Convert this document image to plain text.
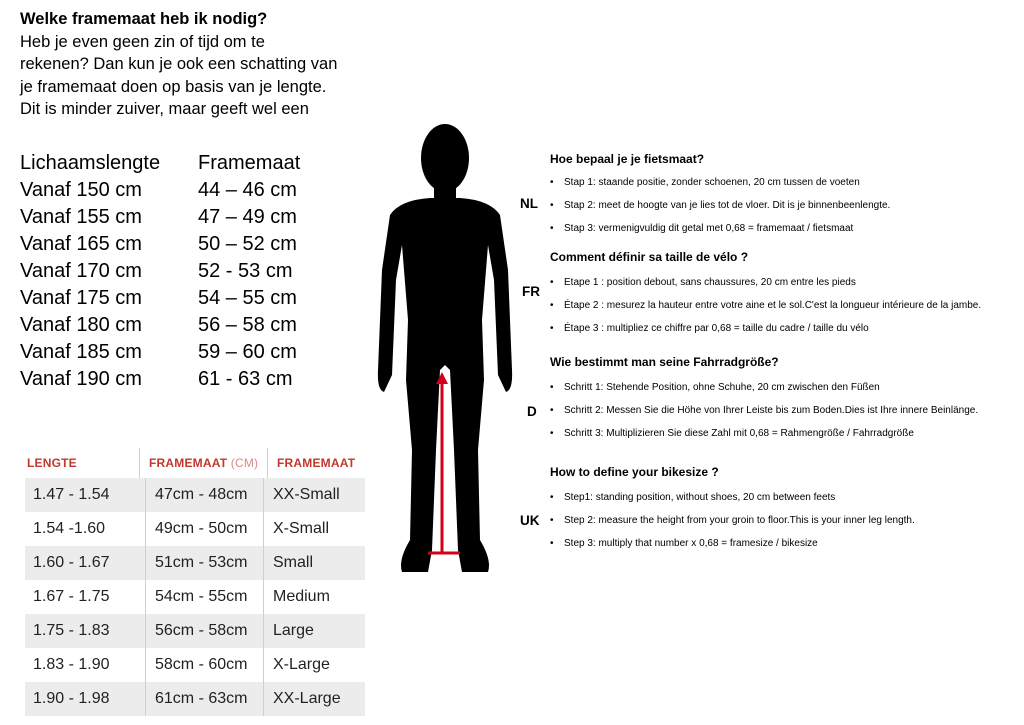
Welke framemaat heb ik nodig?
Heb je even geen zin of tijd om te
rekenen? Dan kun je ook een schatting van
je framemaat doen op basis van je lengte.
Dit is minder zuiver, maar geeft wel een
Lichaamslengte	Framemaat
Vanaf 150 cm	44 – 46 cm
Vanaf 155 cm	47 – 49 cm
Vanaf 165 cm	50 – 52 cm
Vanaf 170 cm	52 - 53 cm
Vanaf 175 cm	54 – 55 cm
Vanaf 180 cm	56 – 58 cm
Vanaf 185 cm	59 – 60 cm
Vanaf 190 cm	61 - 63 cm
LENGTE	FRAMEMAAT (CM)	FRAMEMAAT
1.47 - 1.54	47cm - 48cm	XX-Small
1.54 -1.60	49cm - 50cm	X-Small
1.60 - 1.67	51cm - 53cm	Small
1.67 - 1.75	54cm - 55cm	Medium
1.75 - 1.83	56cm - 58cm	Large
1.83 - 1.90	58cm - 60cm	X-Large
1.90 - 1.98	61cm - 63cm	XX-Large
Hoe bepaal je je fietsmaat?
NL
•	Stap 1: staande positie, zonder schoenen, 20 cm tussen de voeten
•	Stap 2: meet de hoogte van je lies tot de vloer. Dit is je binnenbeenlengte.
•	Stap 3: vermenigvuldig dit getal met 0,68 = framemaat / fietsmaat
Comment définir sa taille de vélo ?
FR
•	Etape 1 : position debout, sans chaussures, 20 cm entre les pieds
•	Étape 2 : mesurez la hauteur entre votre aine et le sol.C'est la longueur intérieure de la jambe.
•	Étape 3 : multipliez ce chiffre par 0,68 = taille du cadre / taille du vélo
Wie bestimmt man seine Fahrradgröße?
D
•	Schritt 1: Stehende Position, ohne Schuhe, 20 cm zwischen den Füßen
•	Schritt 2: Messen Sie die Höhe von Ihrer Leiste bis zum Boden.Dies ist Ihre innere Beinlänge.
•	Schritt 3: Multiplizieren Sie diese Zahl mit 0,68 = Rahmengröße / Fahrradgröße
How to define your bikesize ?
UK
•	Step1: standing position, without shoes, 20 cm between feets
•	Step 2: measure the height from your groin to floor.This is your inner leg length.
•	Step 3: multiply that number x 0,68 = framesize / bikesize
